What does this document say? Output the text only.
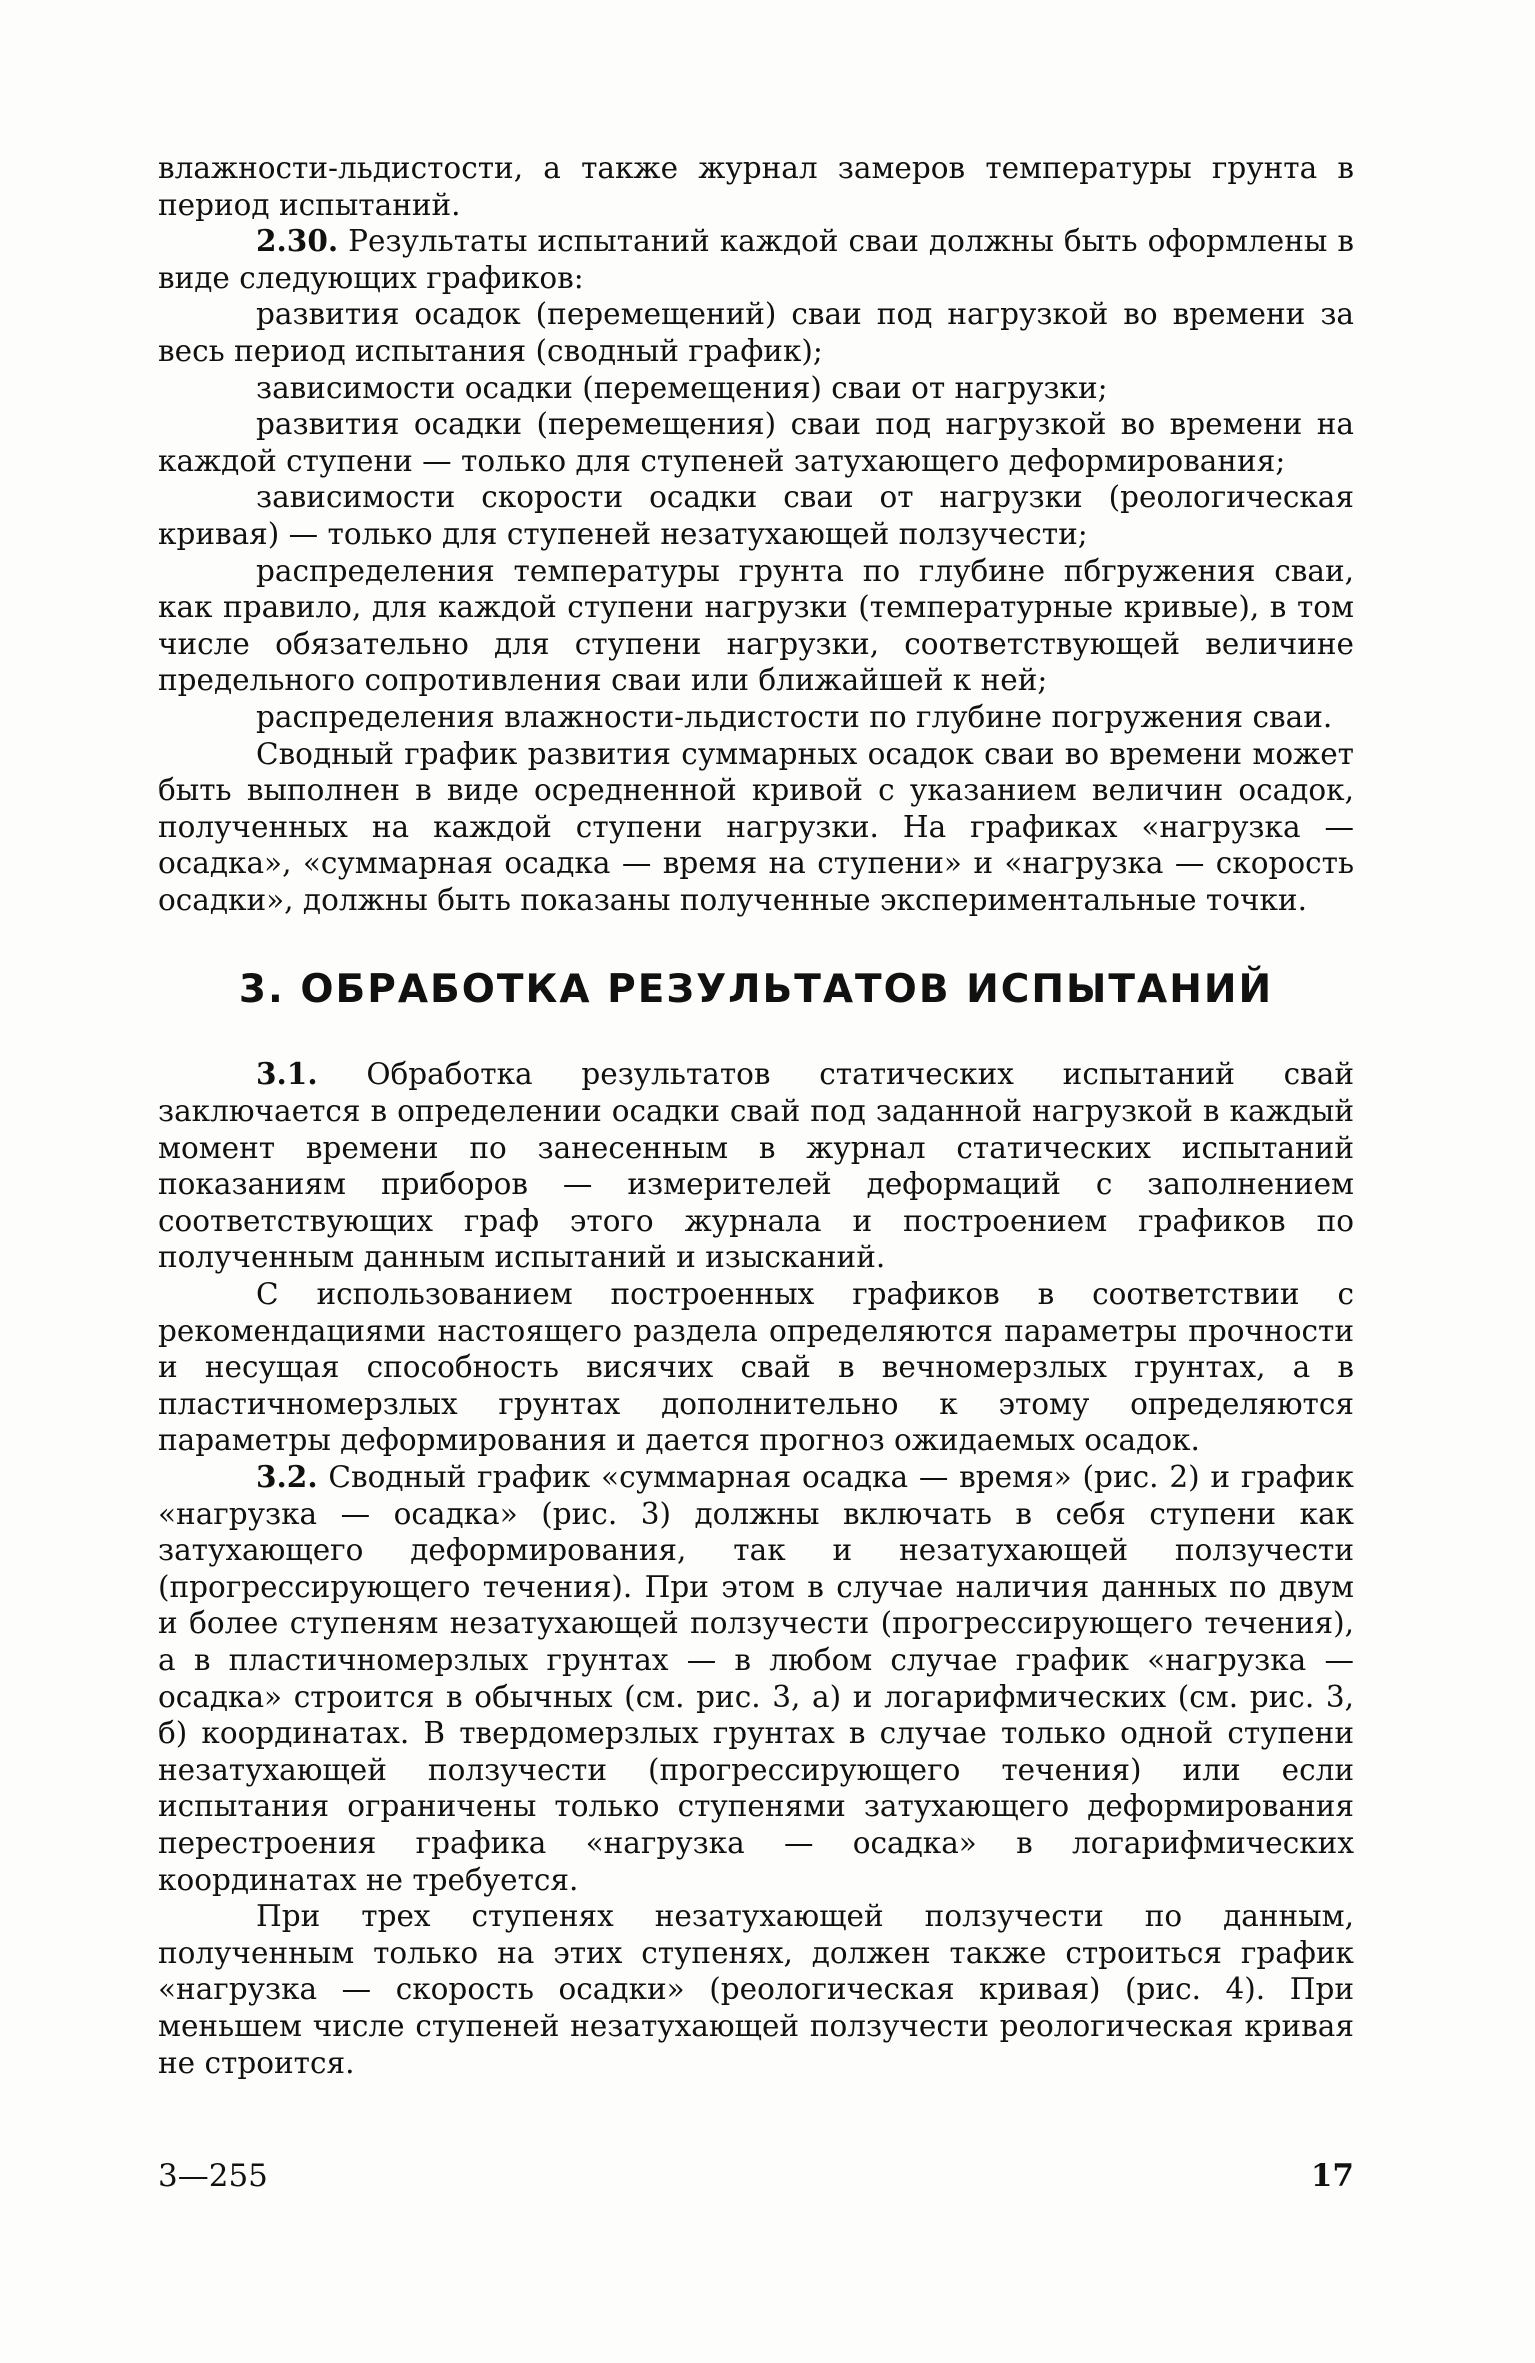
влажности-льдистости, а также журнал замеров температуры грунта в период испытаний.

2.30. Результаты испытаний каждой сваи должны быть оформлены в виде следующих графиков:

развития осадок (перемещений) сваи под нагрузкой во времени за весь период испытания (сводный график);

зависимости осадки (перемещения) сваи от нагрузки;

развития осадки (перемещения) сваи под нагрузкой во времени на каждой ступени — только для ступеней затухающего деформирования;

зависимости скорости осадки сваи от нагрузки (реологическая кривая) — только для ступеней незатухающей ползучести;

распределения температуры грунта по глубине пбгружения сваи, как правило, для каждой ступени нагрузки (температурные кривые), в том числе обязательно для ступени нагрузки, соответствующей величине предельного сопротивления сваи или ближайшей к ней;

распределения влажности-льдистости по глубине погружения сваи.

Сводный график развития суммарных осадок сваи во времени может быть выполнен в виде осредненной кривой с указанием величин осадок, полученных на каждой ступени нагрузки. На графиках «нагрузка — осадка», «суммарная осадка — время на ступени» и «нагрузка — скорость осадки», должны быть показаны полученные экспериментальные точки.

3. ОБРАБОТКА РЕЗУЛЬТАТОВ ИСПЫТАНИЙ

3.1. Обработка результатов статических испытаний свай заключается в определении осадки свай под заданной нагрузкой в каждый момент времени по занесенным в журнал статических испытаний показаниям приборов — измерителей деформаций с заполнением соответствующих граф этого журнала и построением графиков по полученным данным испытаний и изысканий.

С использованием построенных графиков в соответствии с рекомендациями настоящего раздела определяются параметры прочности и несущая способность висячих свай в вечномерзлых грунтах, а в пластичномерзлых грунтах дополнительно к этому определяются параметры деформирования и дается прогноз ожидаемых осадок.

3.2. Сводный график «суммарная осадка — время» (рис. 2) и график «нагрузка — осадка» (рис. 3) должны включать в себя ступени как затухающего деформирования, так и незатухающей ползучести (прогрессирующего течения). При этом в случае наличия данных по двум и более ступеням незатухающей ползучести (прогрессирующего течения), а в пластичномерзлых грунтах — в любом случае график «нагрузка — осадка» строится в обычных (см. рис. 3, а) и логарифмических (см. рис. 3, б) координатах. В твердомерзлых грунтах в случае только одной ступени незатухающей ползучести (прогрессирующего течения) или если испытания ограничены только ступенями затухающего деформирования перестроения графика «нагрузка — осадка» в логарифмических координатах не требуется.

При трех ступенях незатухающей ползучести по данным, полученным только на этих ступенях, должен также строиться график «нагрузка — скорость осадки» (реологическая кривая) (рис. 4). При меньшем числе ступеней незатухающей ползучести реологическая кривая не строится.

3—255	17
